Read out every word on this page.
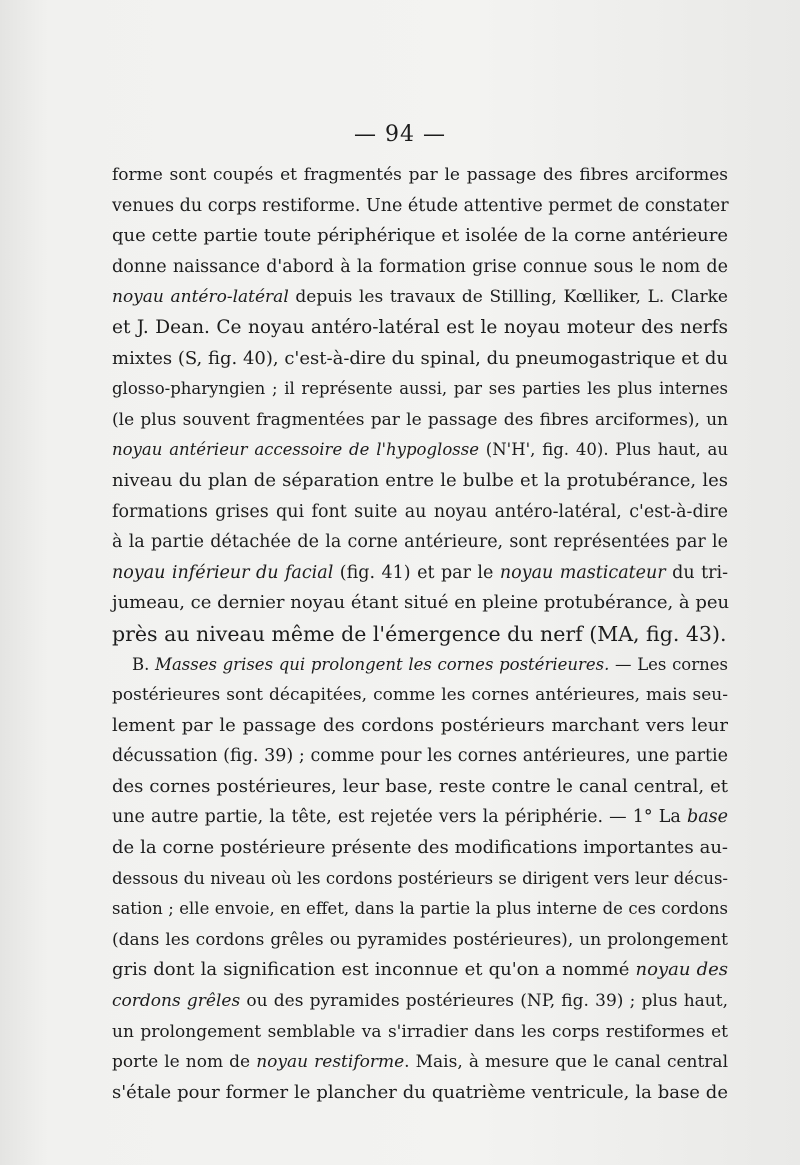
— 94 —
forme sont coupés et fragmentés par le passage des fibres arciformes
venues du corps restiforme. Une étude attentive permet de constater
que cette partie toute périphérique et isolée de la corne antérieure
donne naissance d'abord à la formation grise connue sous le nom de
noyau antéro-latéral depuis les travaux de Stilling, Kœlliker, L. Clarke
et J. Dean. Ce noyau antéro-latéral est le noyau moteur des nerfs
mixtes (S, fig. 40), c'est-à-dire du spinal, du pneumogastrique et du
glosso-pharyngien ; il représente aussi, par ses parties les plus internes
(le plus souvent fragmentées par le passage des fibres arciformes), un
noyau antérieur accessoire de l'hypoglosse (N'H', fig. 40). Plus haut, au
niveau du plan de séparation entre le bulbe et la protubérance, les
formations grises qui font suite au noyau antéro-latéral, c'est-à-dire
à la partie détachée de la corne antérieure, sont représentées par le
noyau inférieur du facial (fig. 41) et par le noyau masticateur du tri-
jumeau, ce dernier noyau étant situé en pleine protubérance, à peu
près au niveau même de l'émergence du nerf (MA, fig. 43).
B. Masses grises qui prolongent les cornes postérieures. — Les cornes
postérieures sont décapitées, comme les cornes antérieures, mais seu-
lement par le passage des cordons postérieurs marchant vers leur
décussation (fig. 39) ; comme pour les cornes antérieures, une partie
des cornes postérieures, leur base, reste contre le canal central, et
une autre partie, la tête, est rejetée vers la périphérie. — 1° La base
de la corne postérieure présente des modifications importantes au-
dessous du niveau où les cordons postérieurs se dirigent vers leur décus-
sation ; elle envoie, en effet, dans la partie la plus interne de ces cordons
(dans les cordons grêles ou pyramides postérieures), un prolongement
gris dont la signification est inconnue et qu'on a nommé noyau des
cordons grêles ou des pyramides postérieures (NP, fig. 39) ; plus haut,
un prolongement semblable va s'irradier dans les corps restiformes et
porte le nom de noyau restiforme. Mais, à mesure que le canal central
s'étale pour former le plancher du quatrième ventricule, la base de
